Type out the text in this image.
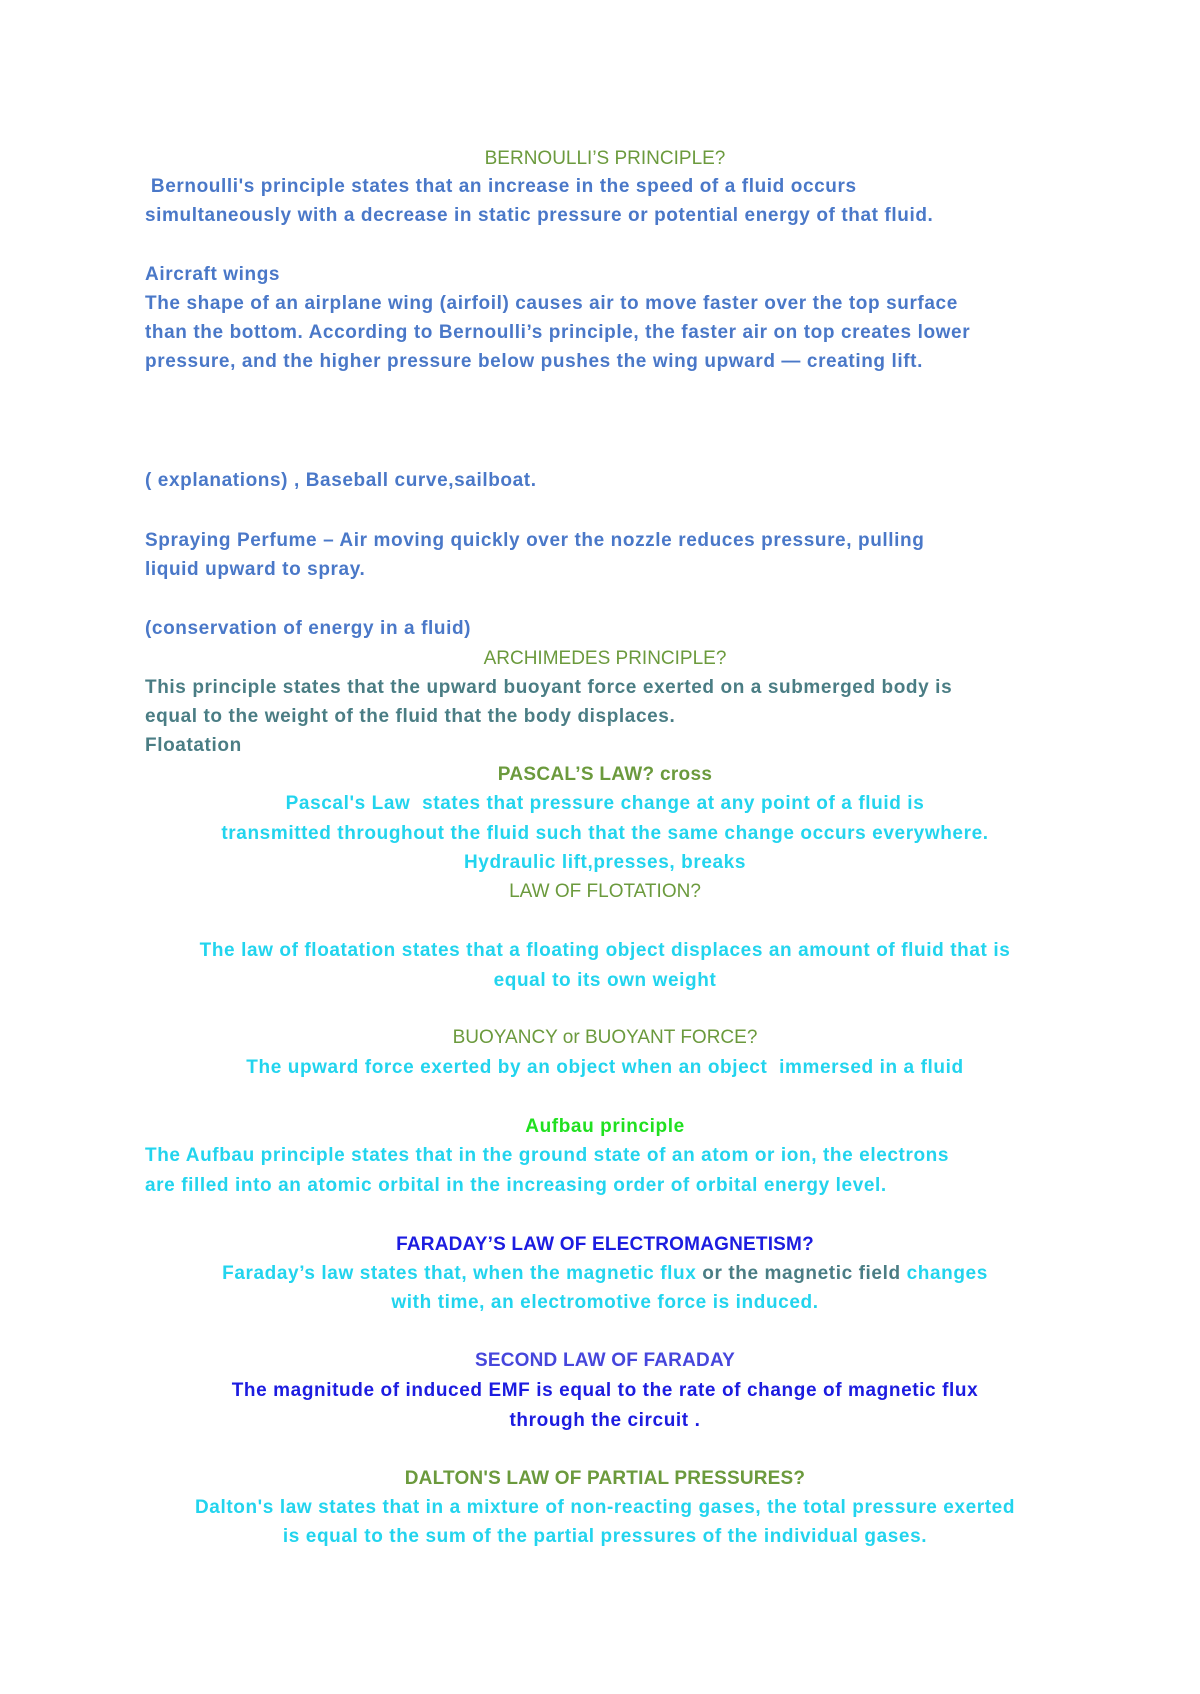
BERNOULLI’S PRINCIPLE?
Bernoulli's principle states that an increase in the speed of a fluid occurs
simultaneously with a decrease in static pressure or potential energy of that fluid.
Aircraft wings
The shape of an airplane wing (airfoil) causes air to move faster over the top surface
than the bottom. According to Bernoulli’s principle, the faster air on top creates lower
pressure, and the higher pressure below pushes the wing upward — creating lift.
( explanations) , Baseball curve,sailboat.
Spraying Perfume – Air moving quickly over the nozzle reduces pressure, pulling
liquid upward to spray.
(conservation of energy in a fluid)
ARCHIMEDES PRINCIPLE?
This principle states that the upward buoyant force exerted on a submerged body is
equal to the weight of the fluid that the body displaces.
Floatation
PASCAL’S LAW? cross
Pascal's Law  states that pressure change at any point of a fluid is
transmitted throughout the fluid such that the same change occurs everywhere.
Hydraulic lift,presses, breaks
LAW OF FLOTATION?
The law of floatation states that a floating object displaces an amount of fluid that is
equal to its own weight
BUOYANCY or BUOYANT FORCE?
The upward force exerted by an object when an object  immersed in a fluid
Aufbau principle
The Aufbau principle states that in the ground state of an atom or ion, the electrons
are filled into an atomic orbital in the increasing order of orbital energy level.
FARADAY’S LAW OF ELECTROMAGNETISM?
Faraday’s law states that, when the magnetic flux or the magnetic field changes
with time, an electromotive force is induced.
SECOND LAW OF FARADAY
The magnitude of induced EMF is equal to the rate of change of magnetic flux
through the circuit .
DALTON'S LAW OF PARTIAL PRESSURES?
Dalton's law states that in a mixture of non-reacting gases, the total pressure exerted
is equal to the sum of the partial pressures of the individual gases.
